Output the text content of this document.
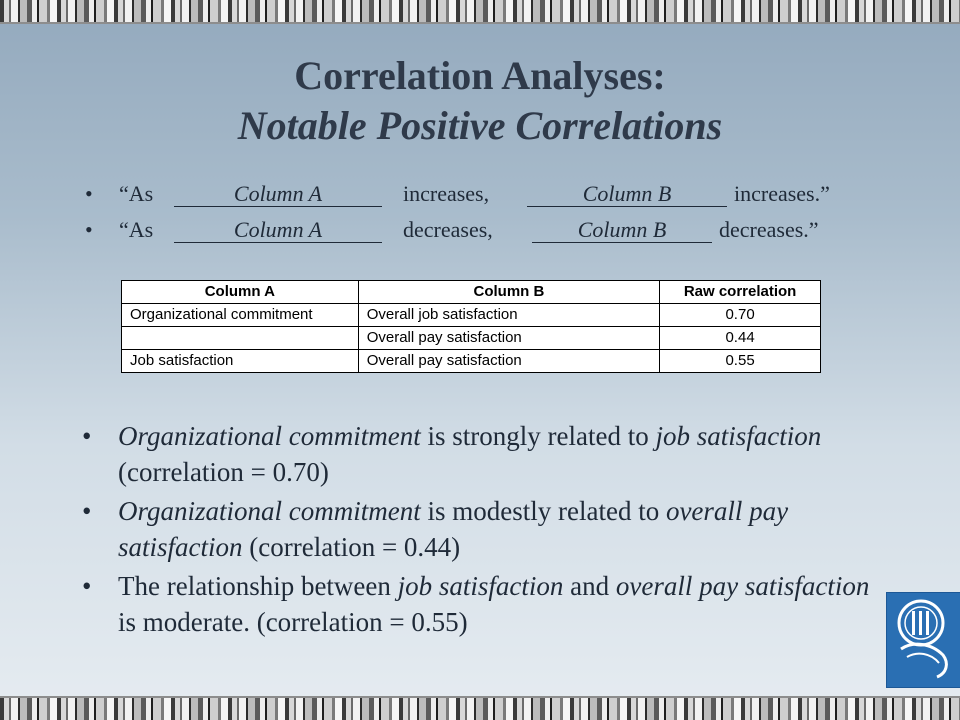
Correlation Analyses:
Notable Positive Correlations
• “As	Column A	increases,	Column B	increases.”
• “As	Column A	decreases,	Column B	decreases.”
Column A	Column B	Raw correlation
Organizational commitment	Overall job satisfaction	0.70
	Overall pay satisfaction	0.44
Job satisfaction	Overall pay satisfaction	0.55
• Organizational commitment is strongly related to job satisfaction (correlation = 0.70)
• Organizational commitment is modestly related to overall pay satisfaction (correlation = 0.44)
• The relationship between job satisfaction and overall pay satisfaction is moderate. (correlation = 0.55)
